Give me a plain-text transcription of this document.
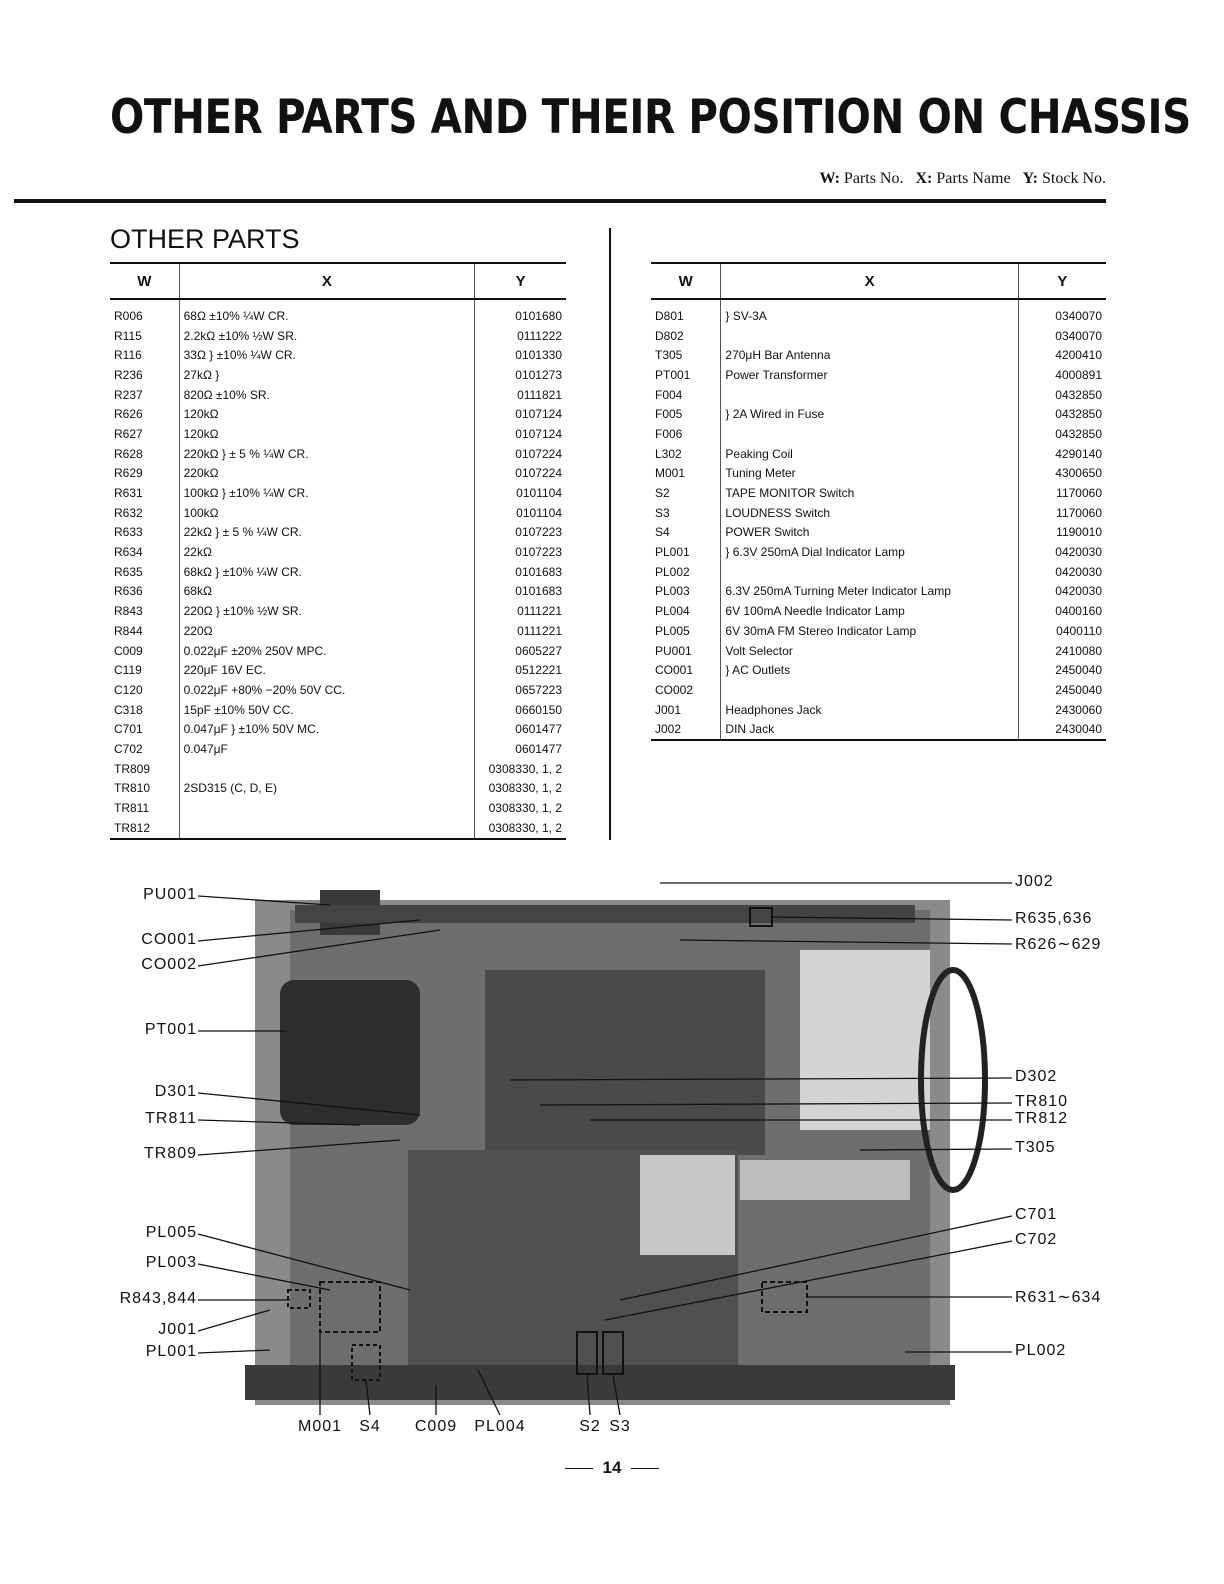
OTHER PARTS AND THEIR POSITION ON CHASSIS
W: Parts No. X: Parts Name Y: Stock No.
OTHER PARTS
W	X	Y
R006	68Ω ±10% ¼W CR.	0101680
R115	2.2kΩ ±10% ½W SR.	0111222
R116	33Ω } ±10% ¼W CR.	0101330
R236	27kΩ }	0101273
R237	820Ω ±10% SR.	0111821
R626	120kΩ	0107124
R627	120kΩ	0107124
R628	220kΩ } ± 5 % ¼W CR.	0107224
R629	220kΩ	0107224
R631	100kΩ } ±10% ¼W CR.	0101104
R632	100kΩ	0101104
R633	22kΩ } ± 5 % ¼W CR.	0107223
R634	22kΩ	0107223
R635	68kΩ } ±10% ¼W CR.	0101683
R636	68kΩ	0101683
R843	220Ω } ±10% ½W SR.	0111221
R844	220Ω	0111221
C009	0.022μF ±20% 250V MPC.	0605227
C119	220μF 16V EC.	0512221
C120	0.022μF +80% −20% 50V CC.	0657223
C318	15pF ±10% 50V CC.	0660150
C701	0.047μF } ±10% 50V MC.	0601477
C702	0.047μF	0601477
TR809		0308330, 1, 2
TR810	2SD315 (C, D, E)	0308330, 1, 2
TR811		0308330, 1, 2
TR812		0308330, 1, 2
W	X	Y
D801	} SV-3A	0340070
D802		0340070
T305	270μH Bar Antenna	4200410
PT001	Power Transformer	4000891
F004		0432850
F005	} 2A Wired in Fuse	0432850
F006		0432850
L302	Peaking Coil	4290140
M001	Tuning Meter	4300650
S2	TAPE MONITOR Switch	1170060
S3	LOUDNESS Switch	1170060
S4	POWER Switch	1190010
PL001	} 6.3V 250mA Dial Indicator Lamp	0420030
PL002		0420030
PL003	6.3V 250mA Turning Meter Indicator Lamp	0420030
PL004	6V 100mA Needle Indicator Lamp	0400160
PL005	6V 30mA FM Stereo Indicator Lamp	0400110
PU001	Volt Selector	2410080
CO001	} AC Outlets	2450040
CO002		2450040
J001	Headphones Jack	2430060
J002	DIN Jack	2430040
PU001
CO001
CO002
PT001
D301
TR811
TR809
PL005
PL003
R843,844
J001
PL001
J002
R635,636
R626∼629
D302
TR810
TR812
T305
C701
C702
R631∼634
PL002
M001	S4	C009	PL004	S2 S3
14
